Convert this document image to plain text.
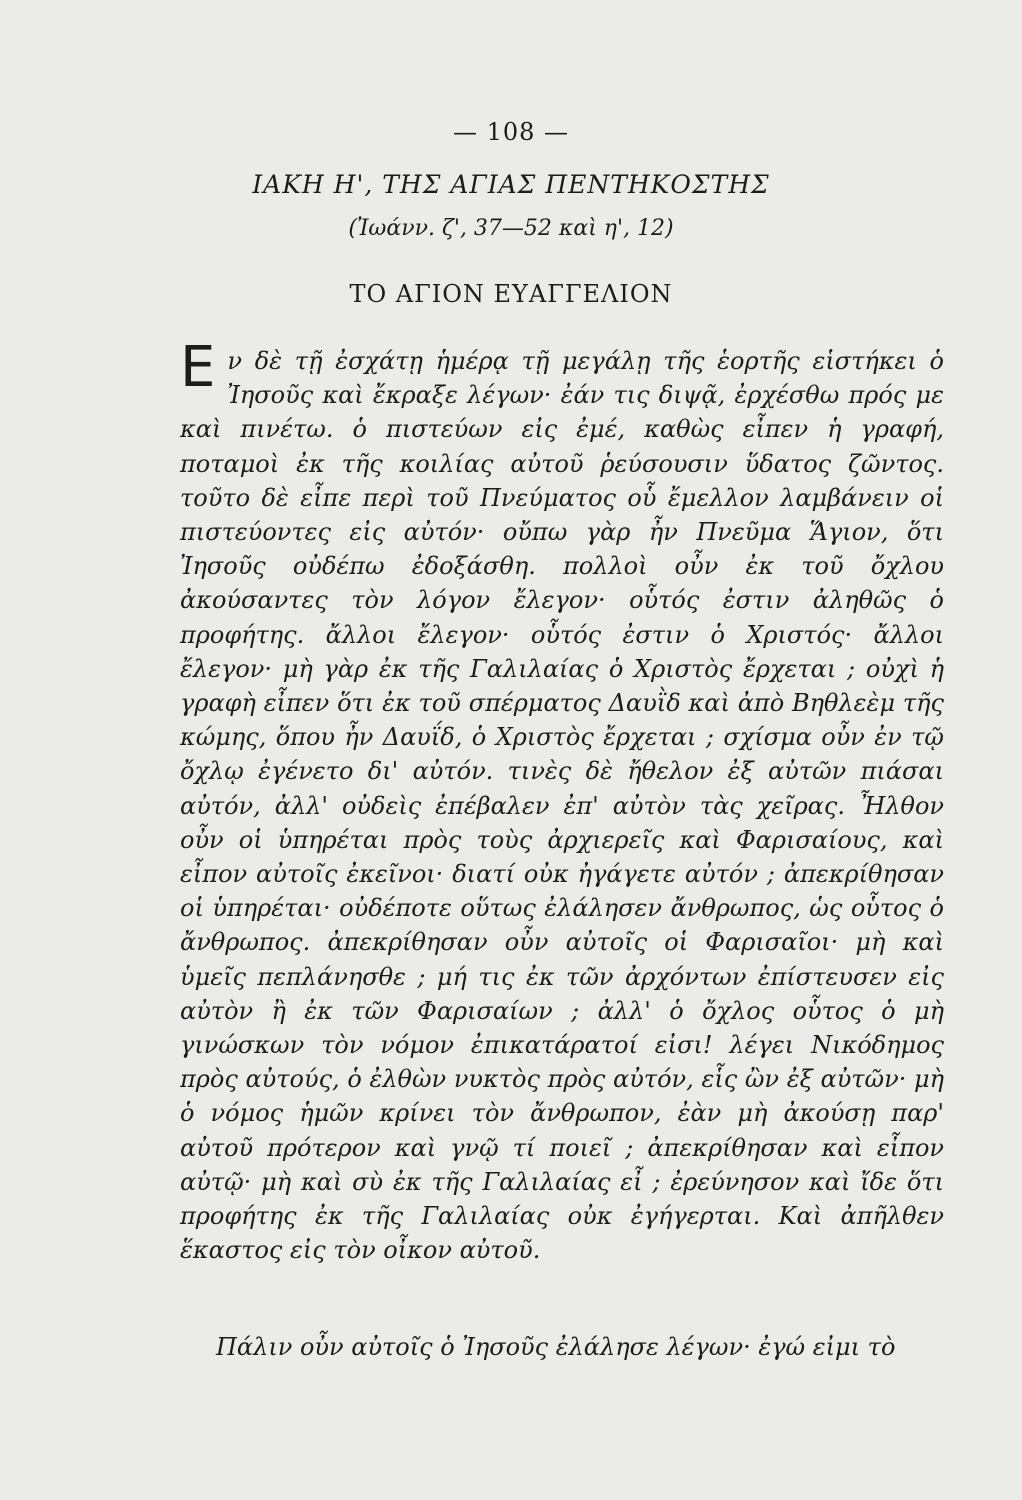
— 108 —
ΙΑΚΗ Η', ΤΗΣ ΑΓΙΑΣ ΠΕΝΤΗΚΟΣΤΗΣ
(Ἰωάνν. ζ', 37—52 καὶ η', 12)
ΤΟ ΑΓΙΟΝ ΕΥΑΓΓΕΛΙΟΝ
Εν δὲ τῇ ἐσχάτῃ ἡμέρᾳ τῇ μεγάλῃ τῆς ἑορτῆς εἱστήκει ὁ Ἰησοῦς καὶ ἔκραξε λέγων· ἐάν τις διψᾷ, ἐρχέσθω πρός με καὶ πινέτω. ὁ πιστεύων εἰς ἐμέ, καθὼς εἶπεν ἡ γραφή, ποταμοὶ ἐκ τῆς κοιλίας αὐτοῦ ῥεύσουσιν ὕδατος ζῶντος. τοῦτο δὲ εἶπε περὶ τοῦ Πνεύματος οὗ ἔμελλον λαμβάνειν οἱ πιστεύοντες εἰς αὐτόν· οὔπω γὰρ ἦν Πνεῦμα Ἅγιον, ὅτι Ἰησοῦς οὐδέπω ἐδοξάσθη. πολλοὶ οὖν ἐκ τοῦ ὄχλου ἀκούσαντες τὸν λόγον ἔλεγον· οὗτός ἐστιν ἀληθῶς ὁ προφήτης. ἄλλοι ἔλεγον· οὗτός ἐστιν ὁ Χριστός· ἄλλοι ἔλεγον· μὴ γὰρ ἐκ τῆς Γαλιλαίας ὁ Χριστὸς ἔρχεται ; οὐχὶ ἡ γραφὴ εἶπεν ὅτι ἐκ τοῦ σπέρματος Δαυῒδ καὶ ἀπὸ Βηθλεὲμ τῆς κώμης, ὅπου ἦν Δαυΐδ, ὁ Χριστὸς ἔρχεται ; σχίσμα οὖν ἐν τῷ ὄχλῳ ἐγένετο δι' αὐτόν. τινὲς δὲ ἤθελον ἐξ αὐτῶν πιάσαι αὐτόν, ἀλλ' οὐδεὶς ἐπέβαλεν ἐπ' αὐτὸν τὰς χεῖρας. Ἦλθον οὖν οἱ ὑπηρέται πρὸς τοὺς ἀρχιερεῖς καὶ Φαρισαίους, καὶ εἶπον αὐτοῖς ἐκεῖνοι· διατί οὐκ ἠγάγετε αὐτόν ; ἀπεκρίθησαν οἱ ὑπηρέται· οὐδέποτε οὕτως ἐλάλησεν ἄνθρωπος, ὡς οὗτος ὁ ἄνθρωπος. ἀπεκρίθησαν οὖν αὐτοῖς οἱ Φαρισαῖοι· μὴ καὶ ὑμεῖς πεπλάνησθε ; μή τις ἐκ τῶν ἀρχόντων ἐπίστευσεν εἰς αὐτὸν ἢ ἐκ τῶν Φαρισαίων ; ἀλλ' ὁ ὄχλος οὗτος ὁ μὴ γινώσκων τὸν νόμον ἐπικατάρατοί εἰσι! λέγει Νικόδημος πρὸς αὐτούς, ὁ ἐλθὼν νυκτὸς πρὸς αὐτόν, εἷς ὢν ἐξ αὐτῶν· μὴ ὁ νόμος ἡμῶν κρίνει τὸν ἄνθρωπον, ἐὰν μὴ ἀκούσῃ παρ' αὐτοῦ πρότερον καὶ γνῷ τί ποιεῖ ; ἀπεκρίθησαν καὶ εἶπον αὐτῷ· μὴ καὶ σὺ ἐκ τῆς Γαλιλαίας εἶ ; ἐρεύνησον καὶ ἴδε ὅτι προφήτης ἐκ τῆς Γαλιλαίας οὐκ ἐγήγερται. Καὶ ἀπῆλθεν ἕκαστος εἰς τὸν οἶκον αὐτοῦ.
Πάλιν οὖν αὐτοῖς ὁ Ἰησοῦς ἐλάλησε λέγων· ἐγώ εἰμι τὸ
